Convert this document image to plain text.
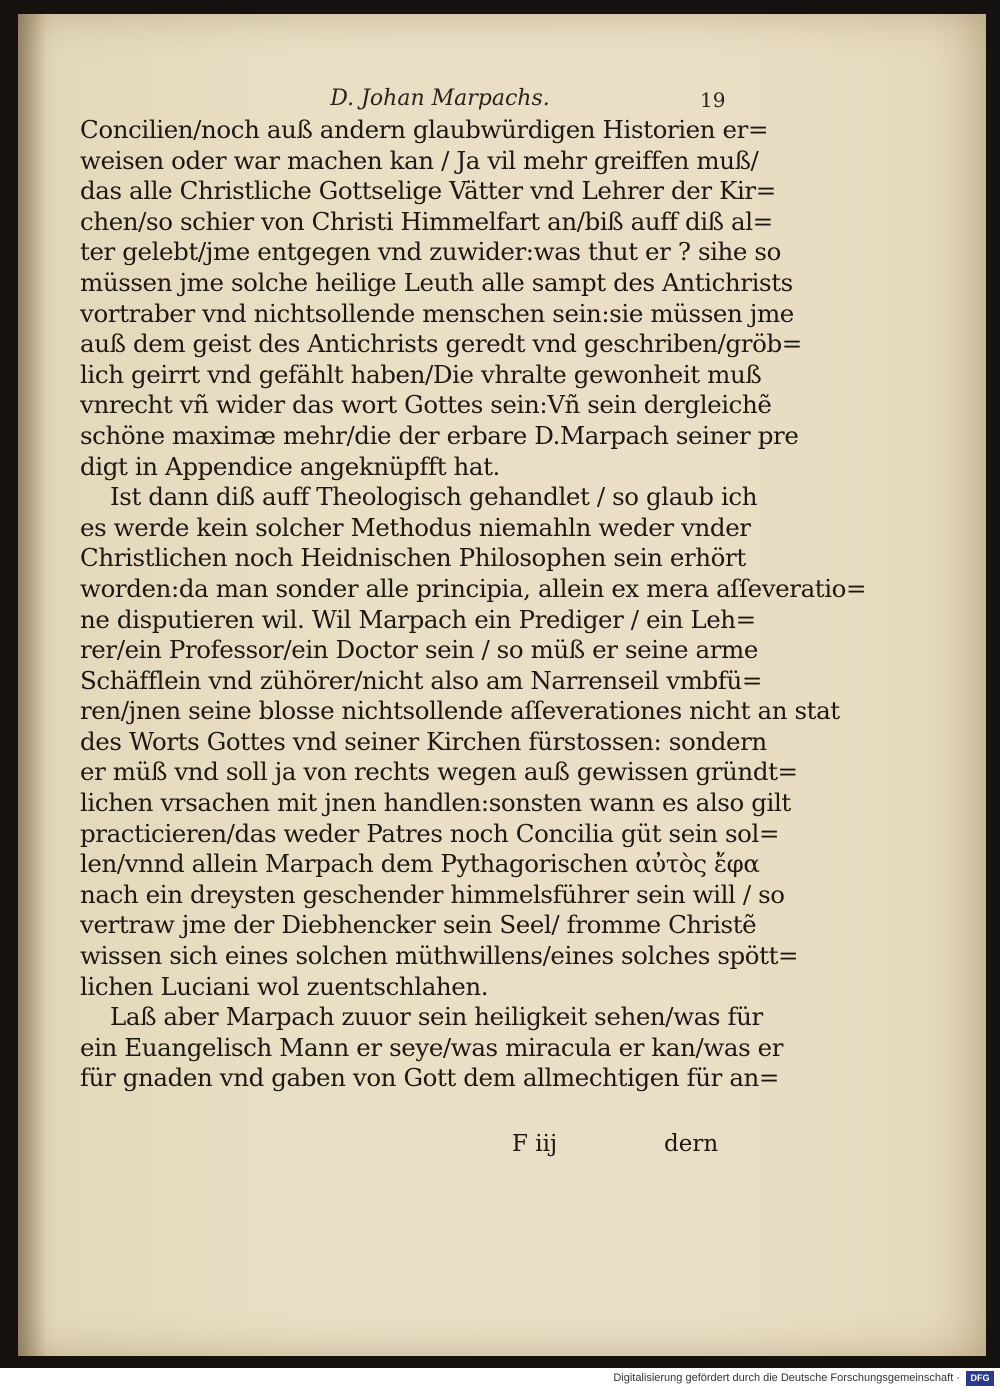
D. Johan Marpachs.	19
Concilien/noch auß andern glaubwürdigen Historien er=
weisen oder war machen kan / Ja vil mehr greiffen muß/
das alle Christliche Gottselige Vätter vnd Lehrer der Kir=
chen/so schier von Christi Himmelfart an/biß auff diß al=
ter gelebt/jme entgegen vnd zuwider:was thut er ? sihe so
müssen jme solche heilige Leuth alle sampt des Antichrists
vortraber vnd nichtsollende menschen sein:sie müssen jme
auß dem geist des Antichrists geredt vnd geschriben/gröb=
lich geirrt vnd gefählt haben/Die vhralte gewonheit muß
vnrecht vñ wider das wort Gottes sein:Vñ sein dergleichẽ
schöne maximæ mehr/die der erbare D.Marpach seiner pre
digt in Appendice angeknüpfft hat.
Ist dann diß auff Theologisch gehandlet / so glaub ich
es werde kein solcher Methodus niemahln weder vnder
Christlichen noch Heidnischen Philosophen sein erhört
worden:da man sonder alle principia, allein ex mera aſſeveratio=
ne disputieren wil. Wil Marpach ein Prediger / ein Leh=
rer/ein Professor/ein Doctor sein / so müß er seine arme
Schäfflein vnd zühörer/nicht also am Narrenseil vmbfü=
ren/jnen seine blosse nichtsollende aſſeverationes nicht an stat
des Worts Gottes vnd seiner Kirchen fürstossen: sondern
er müß vnd soll ja von rechts wegen auß gewissen gründt=
lichen vrsachen mit jnen handlen:sonsten wann es also gilt
practicieren/das weder Patres noch Concilia güt sein sol=
len/vnnd allein Marpach dem Pythagorischen αὐτὸς ἔφα
nach ein dreysten geschender himmelsführer sein will / so
vertraw jme der Diebhencker sein Seel/ fromme Christẽ
wissen sich eines solchen müthwillens/eines solches spött=
lichen Luciani wol zuentschlahen.
Laß aber Marpach zuuor sein heiligkeit sehen/was für
ein Euangelisch Mann er seye/was miracula er kan/was er
für gnaden vnd gaben von Gott dem allmechtigen für an=
F iij	dern
Digitalisierung gefördert durch die Deutsche Forschungsgemeinschaft ·	DFG
